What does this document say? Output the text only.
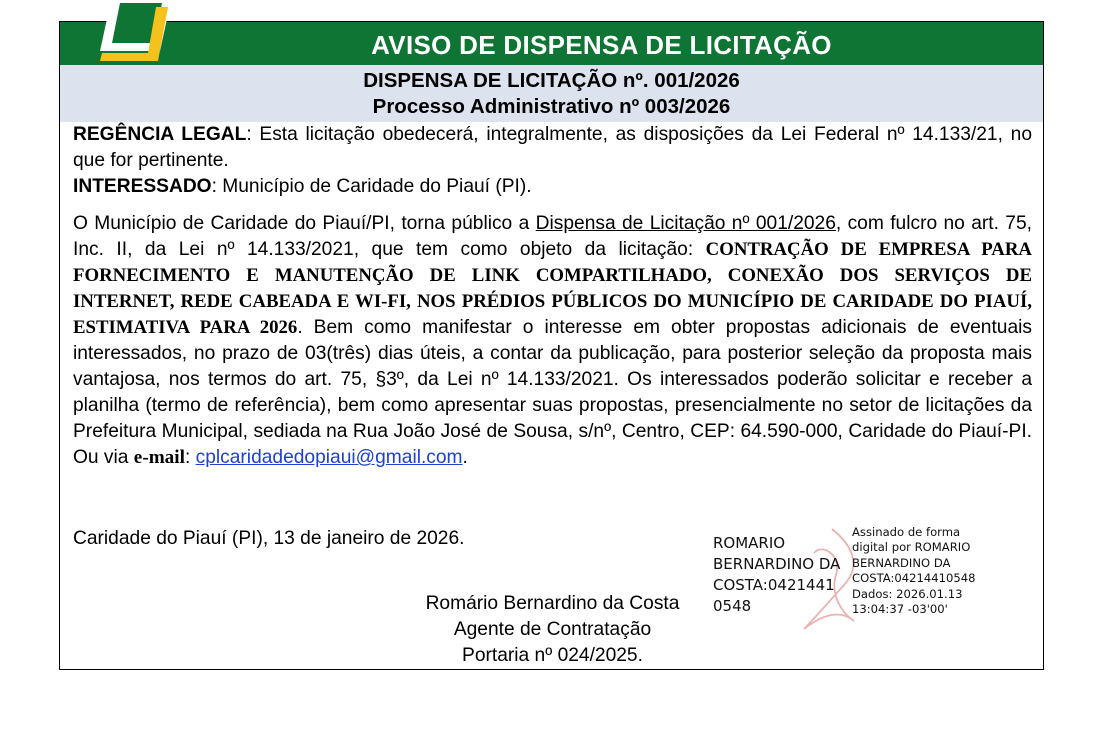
AVISO DE DISPENSA DE LICITAÇÃO
DISPENSA DE LICITAÇÃO nº. 001/2026
Processo Administrativo nº 003/2026

REGÊNCIA LEGAL: Esta licitação obedecerá, integralmente, as disposições da Lei Federal nº 14.133/21, no que for pertinente.

INTERESSADO: Município de Caridade do Piauí (PI).

O Município de Caridade do Piauí/PI, torna público a Dispensa de Licitação nº 001/2026, com fulcro no art. 75, Inc. II, da Lei nº 14.133/2021, que tem como objeto da licitação: CONTRAÇÃO DE EMPRESA PARA FORNECIMENTO E MANUTENÇÃO DE LINK COMPARTILHADO, CONEXÃO DOS SERVIÇOS DE INTERNET, REDE CABEADA E WI-FI, NOS PRÉDIOS PÚBLICOS DO MUNICÍPIO DE CARIDADE DO PIAUÍ, ESTIMATIVA PARA 2026. Bem como manifestar o interesse em obter propostas adicionais de eventuais interessados, no prazo de 03(três) dias úteis, a contar da publicação, para posterior seleção da proposta mais vantajosa, nos termos do art. 75, §3º, da Lei nº 14.133/2021. Os interessados poderão solicitar e receber a planilha (termo de referência), bem como apresentar suas propostas, presencialmente no setor de licitações da Prefeitura Municipal, sediada na Rua João José de Sousa, s/nº, Centro, CEP: 64.590-000, Caridade do Piauí-PI. Ou via e-mail: cplcaridadedopiaui@gmail.com.

Caridade do Piauí (PI), 13 de janeiro de 2026.
Romário Bernardino da Costa
Agente de Contratação
Portaria nº 024/2025.
ROMARIO
BERNARDINO DA
COSTA:0421441
0548
Assinado de forma
digital por ROMARIO
BERNARDINO DA
COSTA:04214410548
Dados: 2026.01.13
13:04:37 -03'00'
